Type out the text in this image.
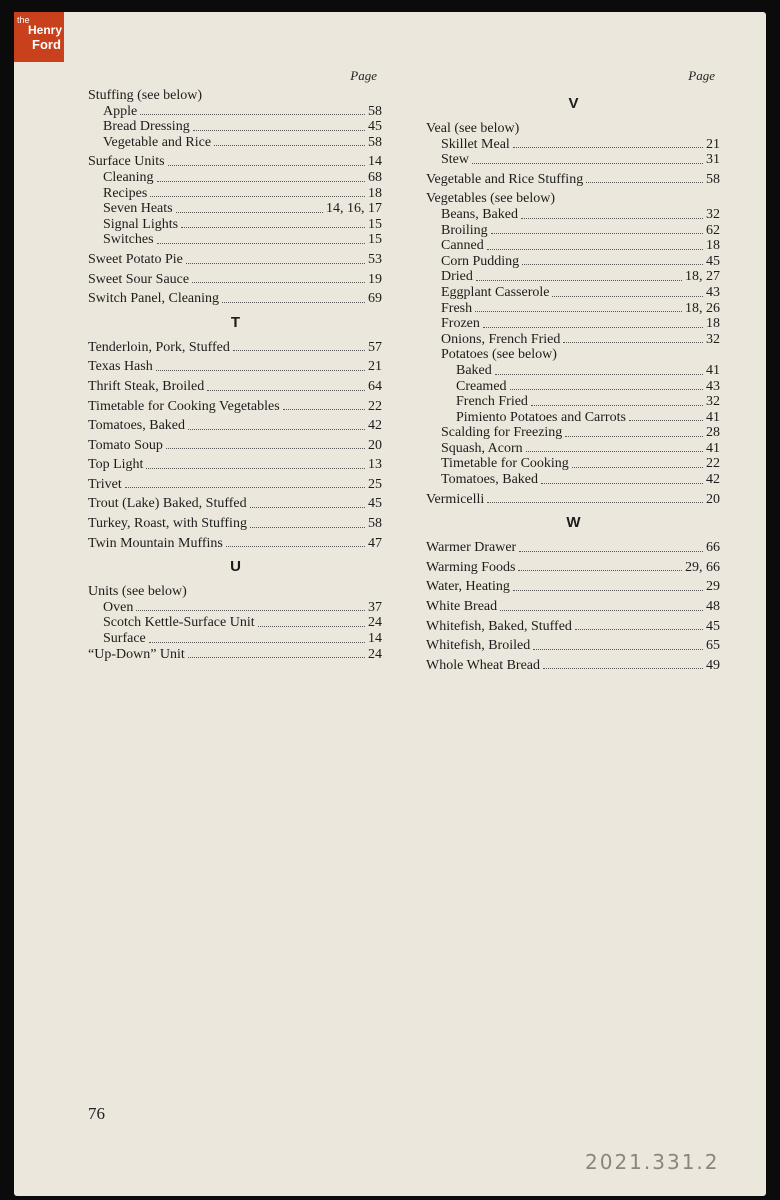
the
Henry
Ford
Page
Stuffing (see below)
Apple	58
Bread Dressing	45
Vegetable and Rice	58
Surface Units	14
Cleaning	68
Recipes	18
Seven Heats	14, 16, 17
Signal Lights	15
Switches	15
Sweet Potato Pie	53
Sweet Sour Sauce	19
Switch Panel, Cleaning	69
T
Tenderloin, Pork, Stuffed	57
Texas Hash	21
Thrift Steak, Broiled	64
Timetable for Cooking Vegetables	22
Tomatoes, Baked	42
Tomato Soup	20
Top Light	13
Trivet	25
Trout (Lake) Baked, Stuffed	45
Turkey, Roast, with Stuffing	58
Twin Mountain Muffins	47
U
Units (see below)
Oven	37
Scotch Kettle-Surface Unit	24
Surface	14
“Up-Down” Unit	24
Page
V
Veal (see below)
Skillet Meal	21
Stew	31
Vegetable and Rice Stuffing	58
Vegetables (see below)
Beans, Baked	32
Broiling	62
Canned	18
Corn Pudding	45
Dried	18, 27
Eggplant Casserole	43
Fresh	18, 26
Frozen	18
Onions, French Fried	32
Potatoes (see below)
Baked	41
Creamed	43
French Fried	32
Pimiento Potatoes and Carrots	41
Scalding for Freezing	28
Squash, Acorn	41
Timetable for Cooking	22
Tomatoes, Baked	42
Vermicelli	20
W
Warmer Drawer	66
Warming Foods	29, 66
Water, Heating	29
White Bread	48
Whitefish, Baked, Stuffed	45
Whitefish, Broiled	65
Whole Wheat Bread	49
76
2021.331.2
